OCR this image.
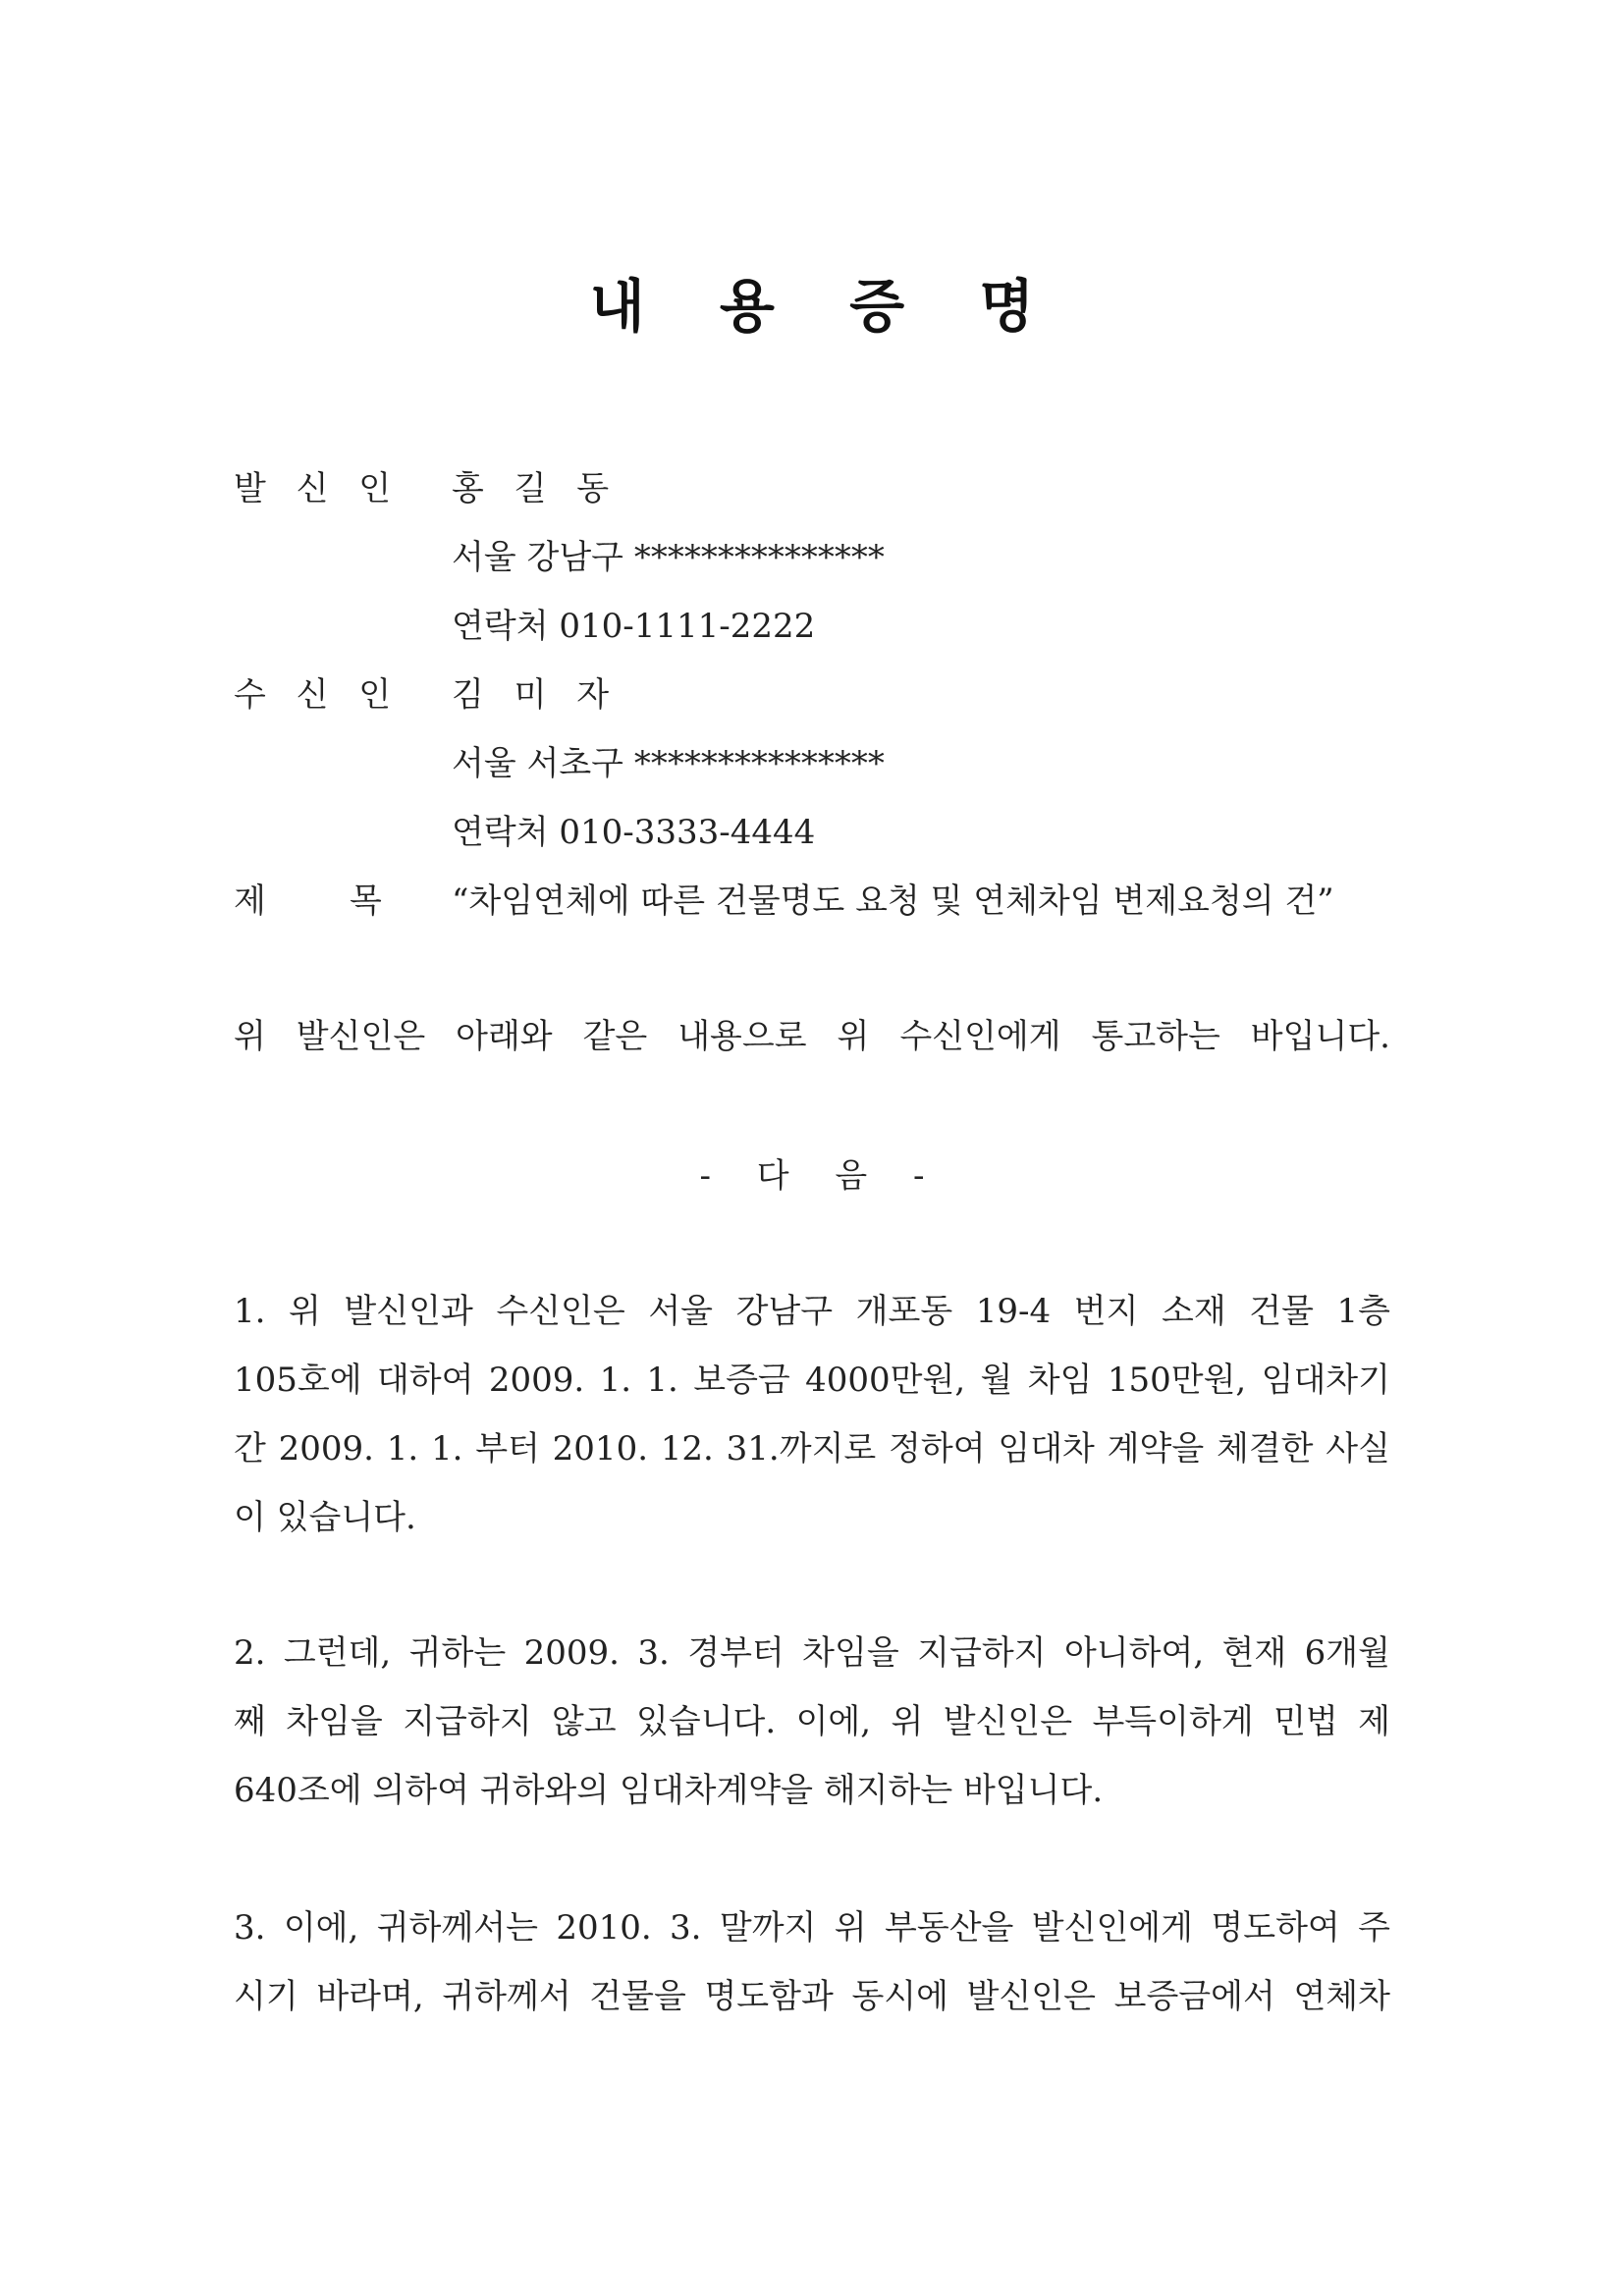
내 용 증 명
발 신 인 홍 길 동
서울 강남구 ***************
연락처 010-1111-2222
수 신 인 김 미 자
서울 서초구 ***************
연락처 010-3333-4444
제	목 “차임연체에 따른 건물명도 요청 및 연체차임 변제요청의 건”
위 발신인은 아래와 같은 내용으로 위 수신인에게 통고하는 바입니다.
- 다 음 -
1. 위 발신인과 수신인은 서울 강남구 개포동 19-4 번지 소재 건물 1층
105호에 대하여 2009. 1. 1. 보증금 4000만원, 월 차임 150만원, 임대차기
간 2009. 1. 1. 부터 2010. 12. 31.까지로 정하여 임대차 계약을 체결한 사실
이 있습니다.
2. 그런데, 귀하는 2009. 3. 경부터 차임을 지급하지 아니하여, 현재 6개월
째 차임을 지급하지 않고 있습니다. 이에, 위 발신인은 부득이하게 민법 제
640조에 의하여 귀하와의 임대차계약을 해지하는 바입니다.
3. 이에, 귀하께서는 2010. 3. 말까지 위 부동산을 발신인에게 명도하여 주
시기 바라며, 귀하께서 건물을 명도함과 동시에 발신인은 보증금에서 연체차
